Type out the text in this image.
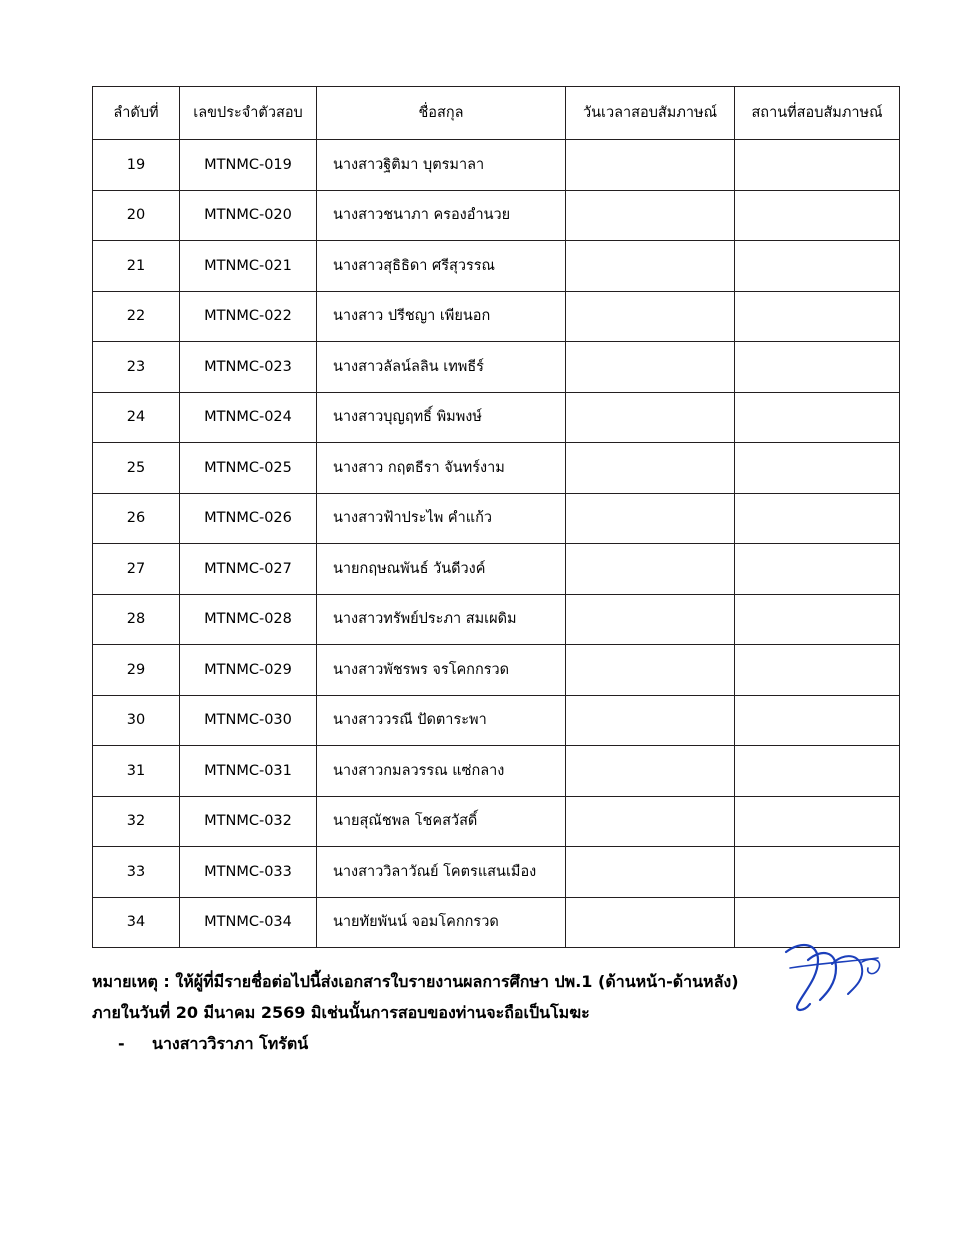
ลำดับที่	เลขประจำตัวสอบ	ชื่อสกุล	วันเวลาสอบสัมภาษณ์	สถานที่สอบสัมภาษณ์
19	MTNMC-019	นางสาวฐิติมา บุตรมาลา		
20	MTNMC-020	นางสาวชนาภา ครองอำนวย		
21	MTNMC-021	นางสาวสุธิธิดา ศรีสุวรรณ		
22	MTNMC-022	นางสาว ปรีชญา เพียนอก		
23	MTNMC-023	นางสาวลัลน์ลลิน เทพธีร์		
24	MTNMC-024	นางสาวบุญฤทธิ์ พิมพงษ์		
25	MTNMC-025	นางสาว กฤตธีรา จันทร์งาม		
26	MTNMC-026	นางสาวฟ้าประไพ คำแก้ว		
27	MTNMC-027	นายกฤษณพันธ์ วันดีวงค์		
28	MTNMC-028	นางสาวทรัพย์ประภา สมเผดิม		
29	MTNMC-029	นางสาวพัชรพร จรโคกกรวด		
30	MTNMC-030	นางสาววรณี ปัดตาระพา		
31	MTNMC-031	นางสาวกมลวรรณ แซ่กลาง		
32	MTNMC-032	นายสุณัชพล โชคสวัสดิ์		
33	MTNMC-033	นางสาววิลาวัณย์ โคตรแสนเมือง		
34	MTNMC-034	นายทัยพันน์ จอมโคกกรวด		
หมายเหตุ : ให้ผู้ที่มีรายชื่อต่อไปนี้ส่งเอกสารใบรายงานผลการศึกษา ปพ.1 (ด้านหน้า-ด้านหลัง)
ภายในวันที่ 20 มีนาคม 2569 มิเช่นนั้นการสอบของท่านจะถือเป็นโมฆะ
- นางสาววิราภา โทรัตน์
